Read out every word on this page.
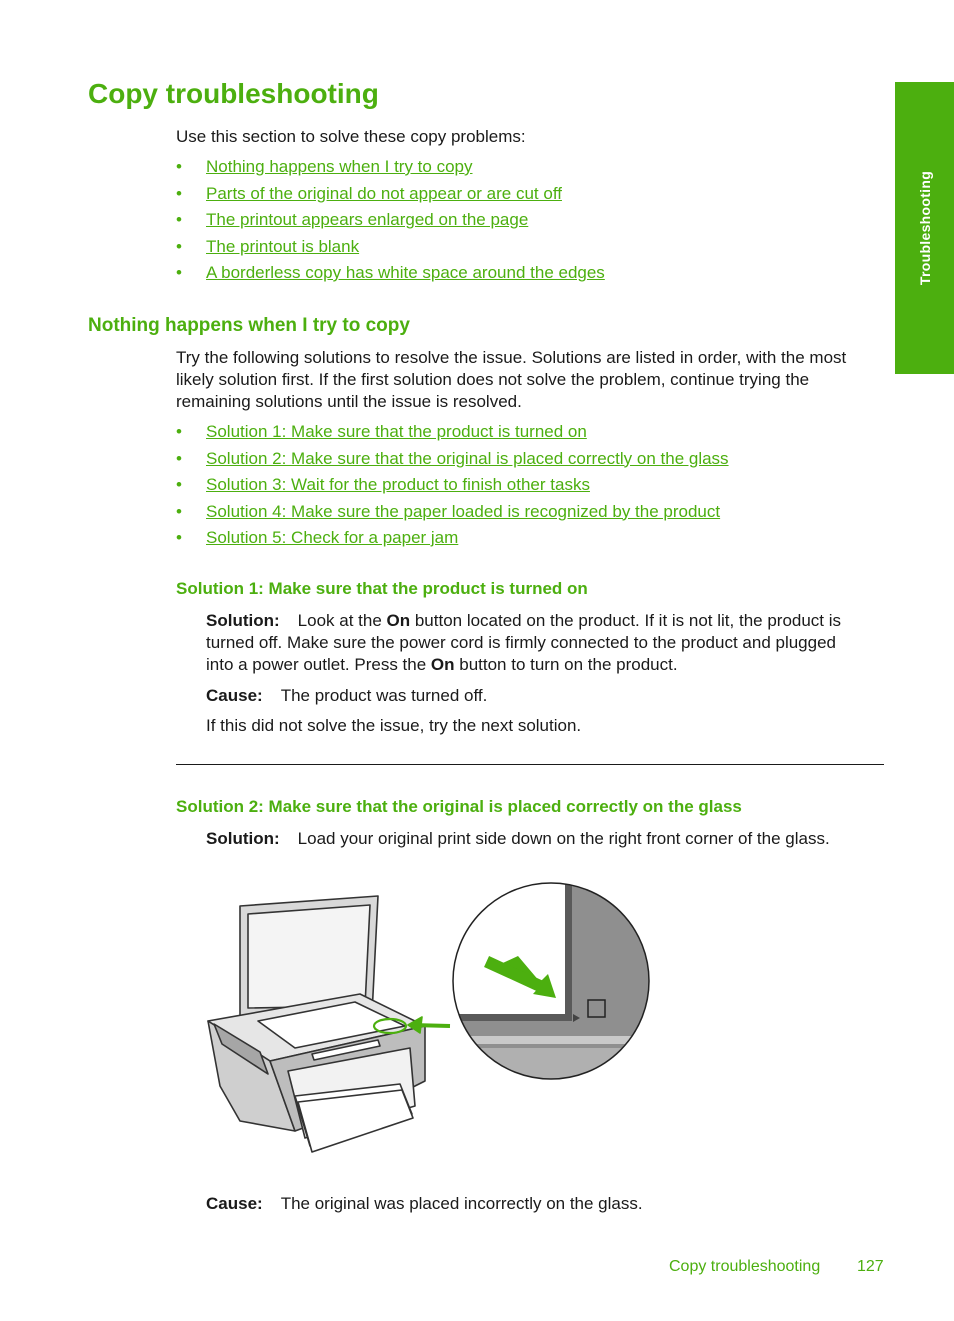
Copy troubleshooting

Use this section to solve these copy problems:

• Nothing happens when I try to copy
• Parts of the original do not appear or are cut off
• The printout appears enlarged on the page
• The printout is blank
• A borderless copy has white space around the edges
Nothing happens when I try to copy

Try the following solutions to resolve the issue. Solutions are listed in order, with the most

likely solution first. If the first solution does not solve the problem, continue trying the

remaining solutions until the issue is resolved.

• Solution 1: Make sure that the product is turned on
• Solution 2: Make sure that the original is placed correctly on the glass
• Solution 3: Wait for the product to finish other tasks
• Solution 4: Make sure the paper loaded is recognized by the product
• Solution 5: Check for a paper jam
Solution 1: Make sure that the product is turned on

Solution: Look at the On button located on the product. If it is not lit, the product is

turned off. Make sure the power cord is firmly connected to the product and plugged

into a power outlet. Press the On button to turn on the product.

Cause: The product was turned off.

If this did not solve the issue, try the next solution.

Solution 2: Make sure that the original is placed correctly on the glass

Solution: Load your original print side down on the right front corner of the glass.

Cause: The original was placed incorrectly on the glass.

Troubleshooting
Copy troubleshooting 127
